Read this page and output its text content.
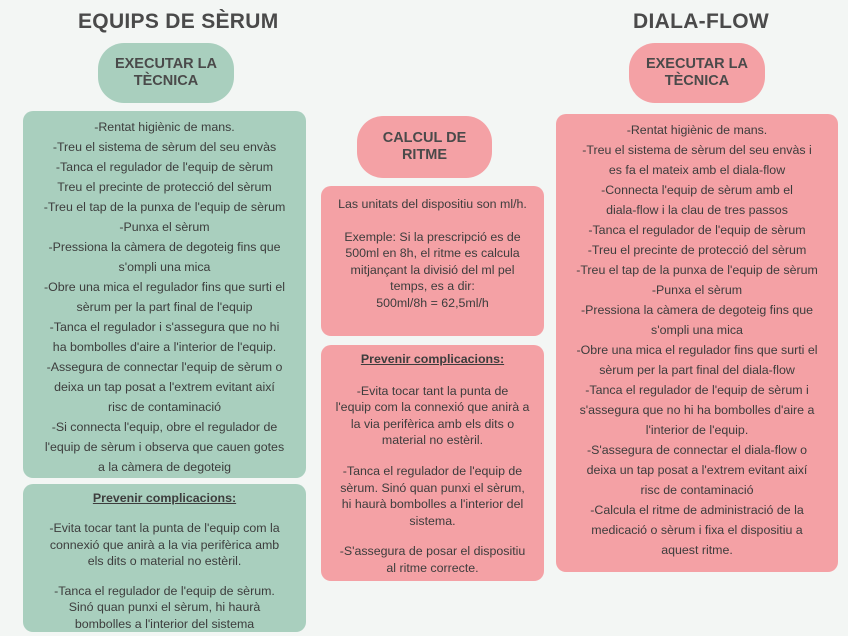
EQUIPS DE SÈRUM
EXECUTAR LA
TÈCNICA

-Rentat higiènic de mans.

-Treu el sistema de sèrum del seu envàs

-Tanca el regulador de l'equip de sèrum

Treu el precinte de protecció del sèrum

-Treu el tap de la punxa de l'equip de sèrum

-Punxa el sèrum

-Pressiona la càmera de degoteig fins que

s'ompli una mica

-Obre una mica el regulador fins que surti el

sèrum per la part final de l'equip

-Tanca el regulador i s'assegura que no hi

ha bombolles d'aire a l'interior de l'equip.

-Assegura de connectar l'equip de sèrum o

deixa un tap posat a l'extrem evitant així

risc de contaminació

-Si connecta l'equip, obre el regulador de

l'equip de sèrum i observa que cauen gotes

a la càmera de degoteig

Prevenir complicacions:

-Evita tocar tant la punta de l'equip com la

connexió que anirà a la via perifèrica amb

els dits o material no estèril.

-Tanca el regulador de l'equip de sèrum.

Sinó quan punxi el sèrum, hi haurà

bombolles a l'interior del sistema

CALCUL DE
RITME

Las unitats del dispositiu son ml/h.

Exemple: Si la prescripció es de

500ml en 8h, el ritme es calcula

mitjançant la divisió del ml pel

temps, es a dir:

500ml/8h = 62,5ml/h

Prevenir complicacions:

-Evita tocar tant la punta de

l'equip com la connexió que anirà a

la via perifèrica amb els dits o

material no estèril.

-Tanca el regulador de l'equip de

sèrum. Sinó quan punxi el sèrum,

hi haurà bombolles a l'interior del

sistema.

-S'assegura de posar el dispositiu

al ritme correcte.

DIALA-FLOW
EXECUTAR LA
TÈCNICA

-Rentat higiènic de mans.

-Treu el sistema de sèrum del seu envàs i

es fa el mateix amb el diala-flow

-Connecta l'equip de sèrum amb el

diala-flow i la clau de tres passos

-Tanca el regulador de l'equip de sèrum

-Treu el precinte de protecció del sèrum

-Treu el tap de la punxa de l'equip de sèrum

-Punxa el sèrum

-Pressiona la càmera de degoteig fins que

s'ompli una mica

-Obre una mica el regulador fins que surti el

sèrum per la part final del diala-flow

-Tanca el regulador de l'equip de sèrum i

s'assegura que no hi ha bombolles d'aire a

l'interior de l'equip.

-S'assegura de connectar el diala-flow o

deixa un tap posat a l'extrem evitant així

risc de contaminació

-Calcula el ritme de administració de la

medicació o sèrum i fixa el dispositiu a

aquest ritme.
